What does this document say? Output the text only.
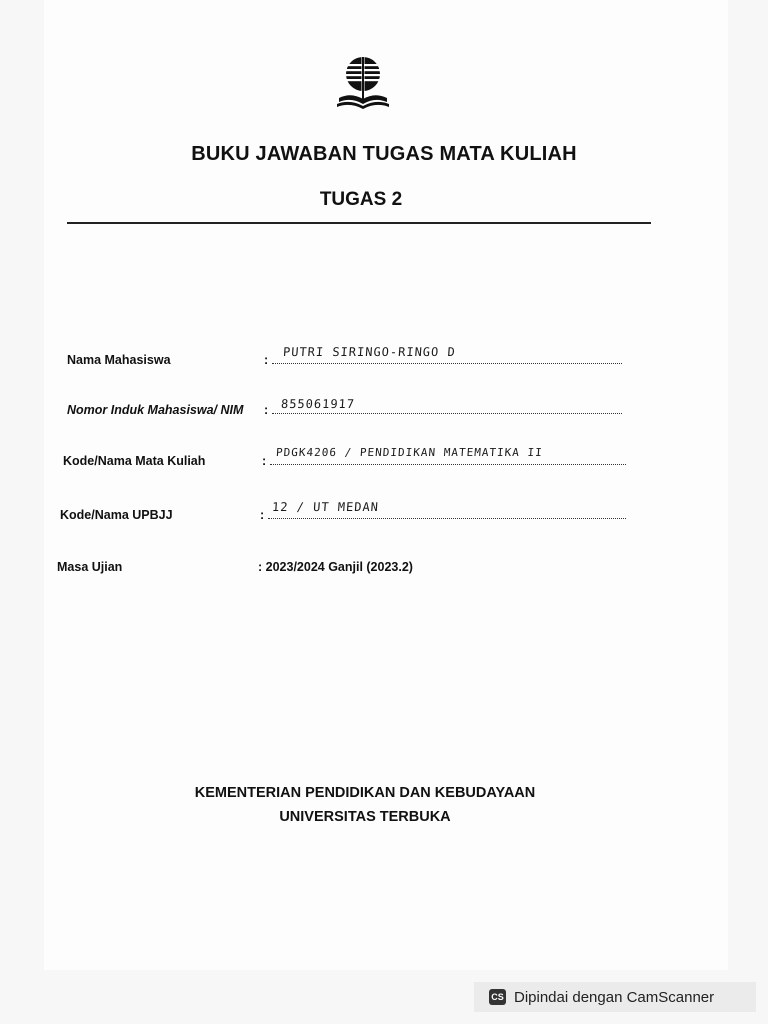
BUKU JAWABAN TUGAS MATA KULIAH
TUGAS 2
Nama Mahasiswa	:
PUTRI SIRINGO-RINGO D
Nomor Induk Mahasiswa/ NIM : 855061917
Kode/Nama Mata Kuliah	:
PDGK4206 / PENDIDIKAN MATEMATIKA II
Kode/Nama UPBJJ	:
12 / UT MEDAN
Masa Ujian	: 2023/2024 Ganjil (2023.2)

KEMENTERIAN PENDIDIKAN DAN KEBUDAYAAN

UNIVERSITAS TERBUKA

CS Dipindai dengan CamScanner
